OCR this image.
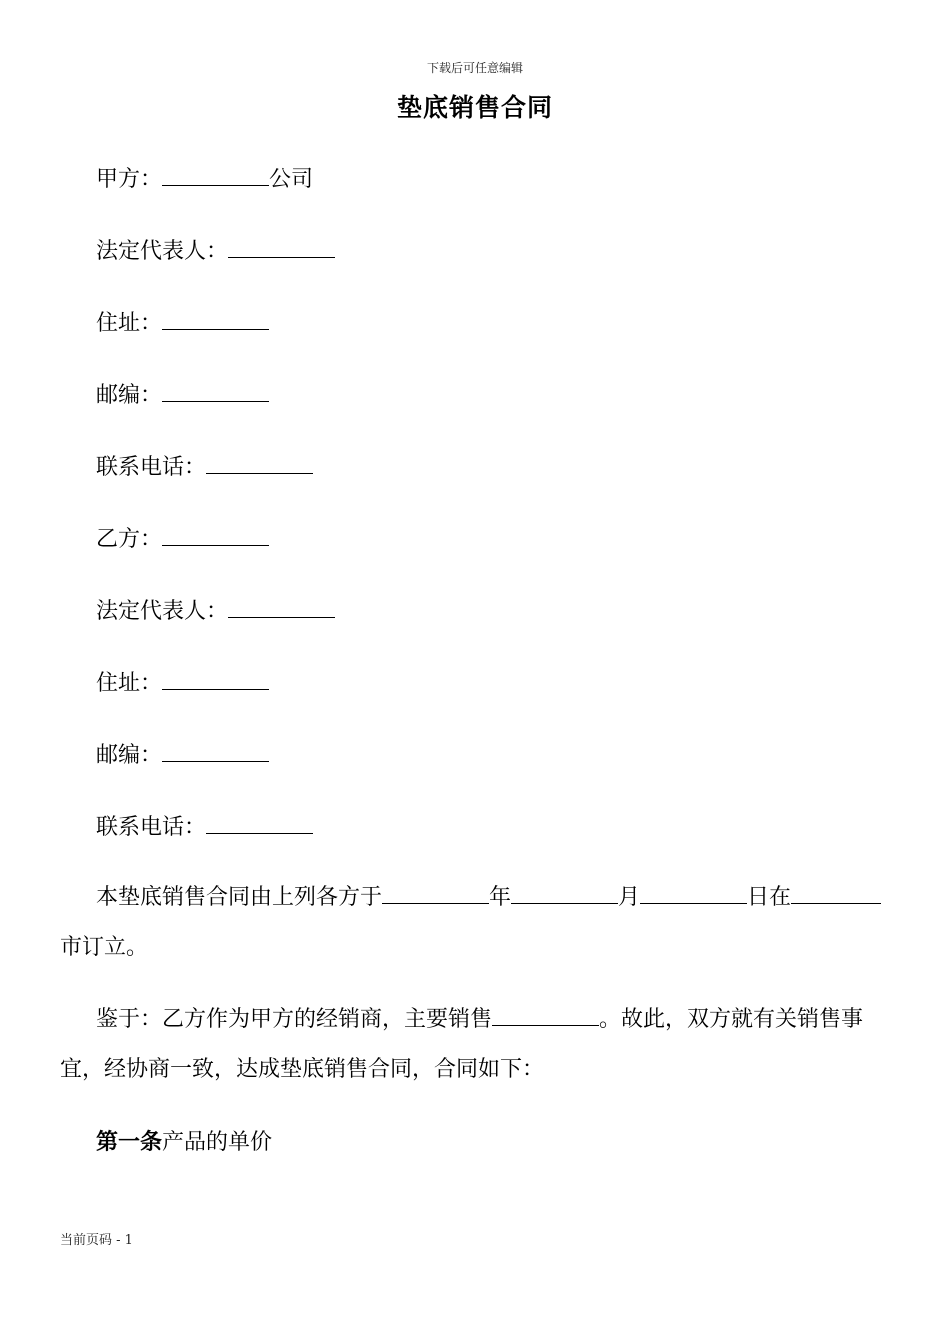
下载后可任意编辑
垫底销售合同
甲方：	公司
法定代表人：
住址：
邮编：
联系电话：
乙方：
法定代表人：
住址：
邮编：
联系电话：
本垫底销售合同由上列各方于	年	月	日在市订立。
鉴于：乙方作为甲方的经销商，主要销售	。故此，双方就有关销售事宜，经协商一致，达成垫底销售合同，合同如下：
第一条产品的单价
当前页码 - 1
